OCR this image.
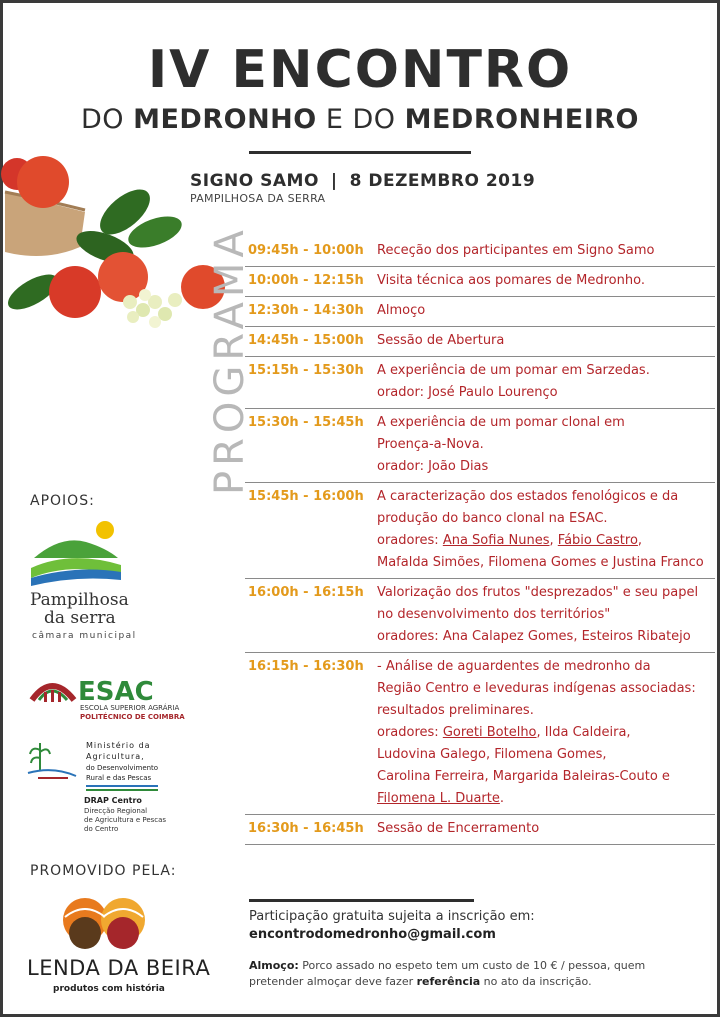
IV ENCONTRO
DO MEDRONHO E DO MEDRONHEIRO
SIGNO SAMO | 8 DEZEMBRO 2019
PAMPILHOSA DA SERRA
PROGRAMA
09:45h - 10:00h	Receção dos participantes em Signo Samo
10:00h - 12:15h	Visita técnica aos pomares de Medronho.
12:30h - 14:30h	Almoço
14:45h - 15:00h	Sessão de Abertura
15:15h - 15:30h	A experiência de um pomar em Sarzedas.
orador: José Paulo Lourenço
15:30h - 15:45h	A experiência de um pomar clonal em
Proença-a-Nova.
orador: João Dias
15:45h - 16:00h	A caracterização dos estados fenológicos e da
produção do banco clonal na ESAC.
oradores: Ana Sofia Nunes, Fábio Castro,
Mafalda Simões, Filomena Gomes e Justina Franco
16:00h - 16:15h	Valorização dos frutos "desprezados" e seu papel
no desenvolvimento dos territórios"
oradores: Ana Calapez Gomes, Esteiros Ribatejo
16:15h - 16:30h	- Análise de aguardentes de medronho da
Região Centro e leveduras indígenas associadas:
resultados preliminares.
oradores: Goreti Botelho, Ilda Caldeira,
Ludovina Galego, Filomena Gomes,
Carolina Ferreira, Margarida Baleiras-Couto e
Filomena L. Duarte.
16:30h - 16:45h	Sessão de Encerramento
APOIOS:
Pampilhosa
da serra
câmara municipal
ESAC
ESCOLA SUPERIOR AGRÁRIA
POLITÉCNICO DE COIMBRA
Ministério da
Agricultura,
do Desenvolvimento
Rural e das Pescas
DRAP Centro
Direcção Regional
de Agricultura e Pescas
do Centro
PROMOVIDO PELA:
LENDA DA BEIRA
produtos com história
Participação gratuita sujeita a inscrição em:
encontrodomedronho@gmail.com
Almoço: Porco assado no espeto tem um custo de 10 € / pessoa, quem
pretender almoçar deve fazer referência no ato da inscrição.
